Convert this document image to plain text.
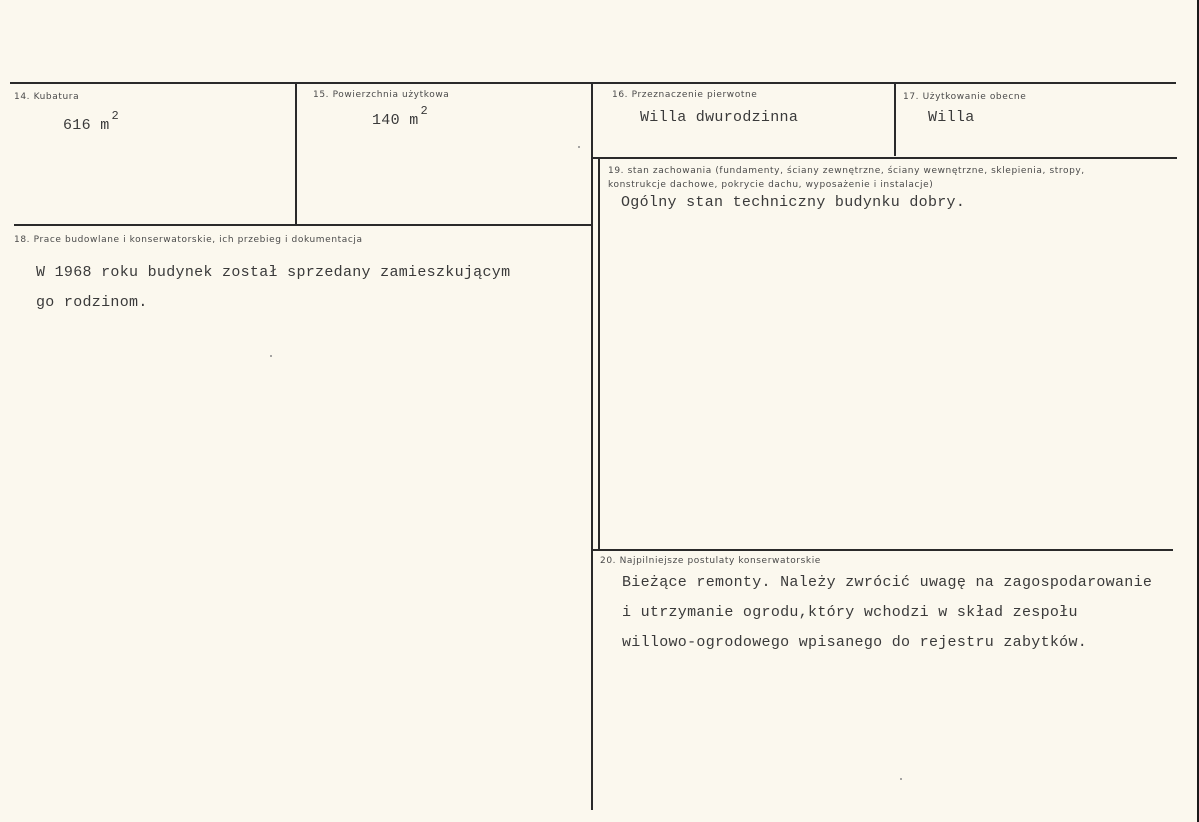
14. Kubatura
616 $m^2$
15. Powierzchnia użytkowa
140 $m^2$
16. Przeznaczenie pierwotne
Willa dwurodzinna
17. Użytkowanie obecne
Willa
18. Prace budowlane i konserwatorskie, ich przebieg i dokumentacja
W 1968 roku budynek został sprzedany zamieszkującym
go rodzinom.
19. stan zachowania (fundamenty, ściany zewnętrzne, ściany wewnętrzne, sklepienia, stropy, konstrukcje dachowe, pokrycie dachu, wyposażenie i instalacje)
Ogólny stan techniczny budynku dobry.
20. Najpilniejsze postulaty konserwatorskie
Bieżące remonty. Należy zwrócić uwagę na zagospodarowanie
i utrzymanie ogrodu,który wchodzi w skład zespołu
willowo-ogrodowego wpisanego do rejestru zabytków.
